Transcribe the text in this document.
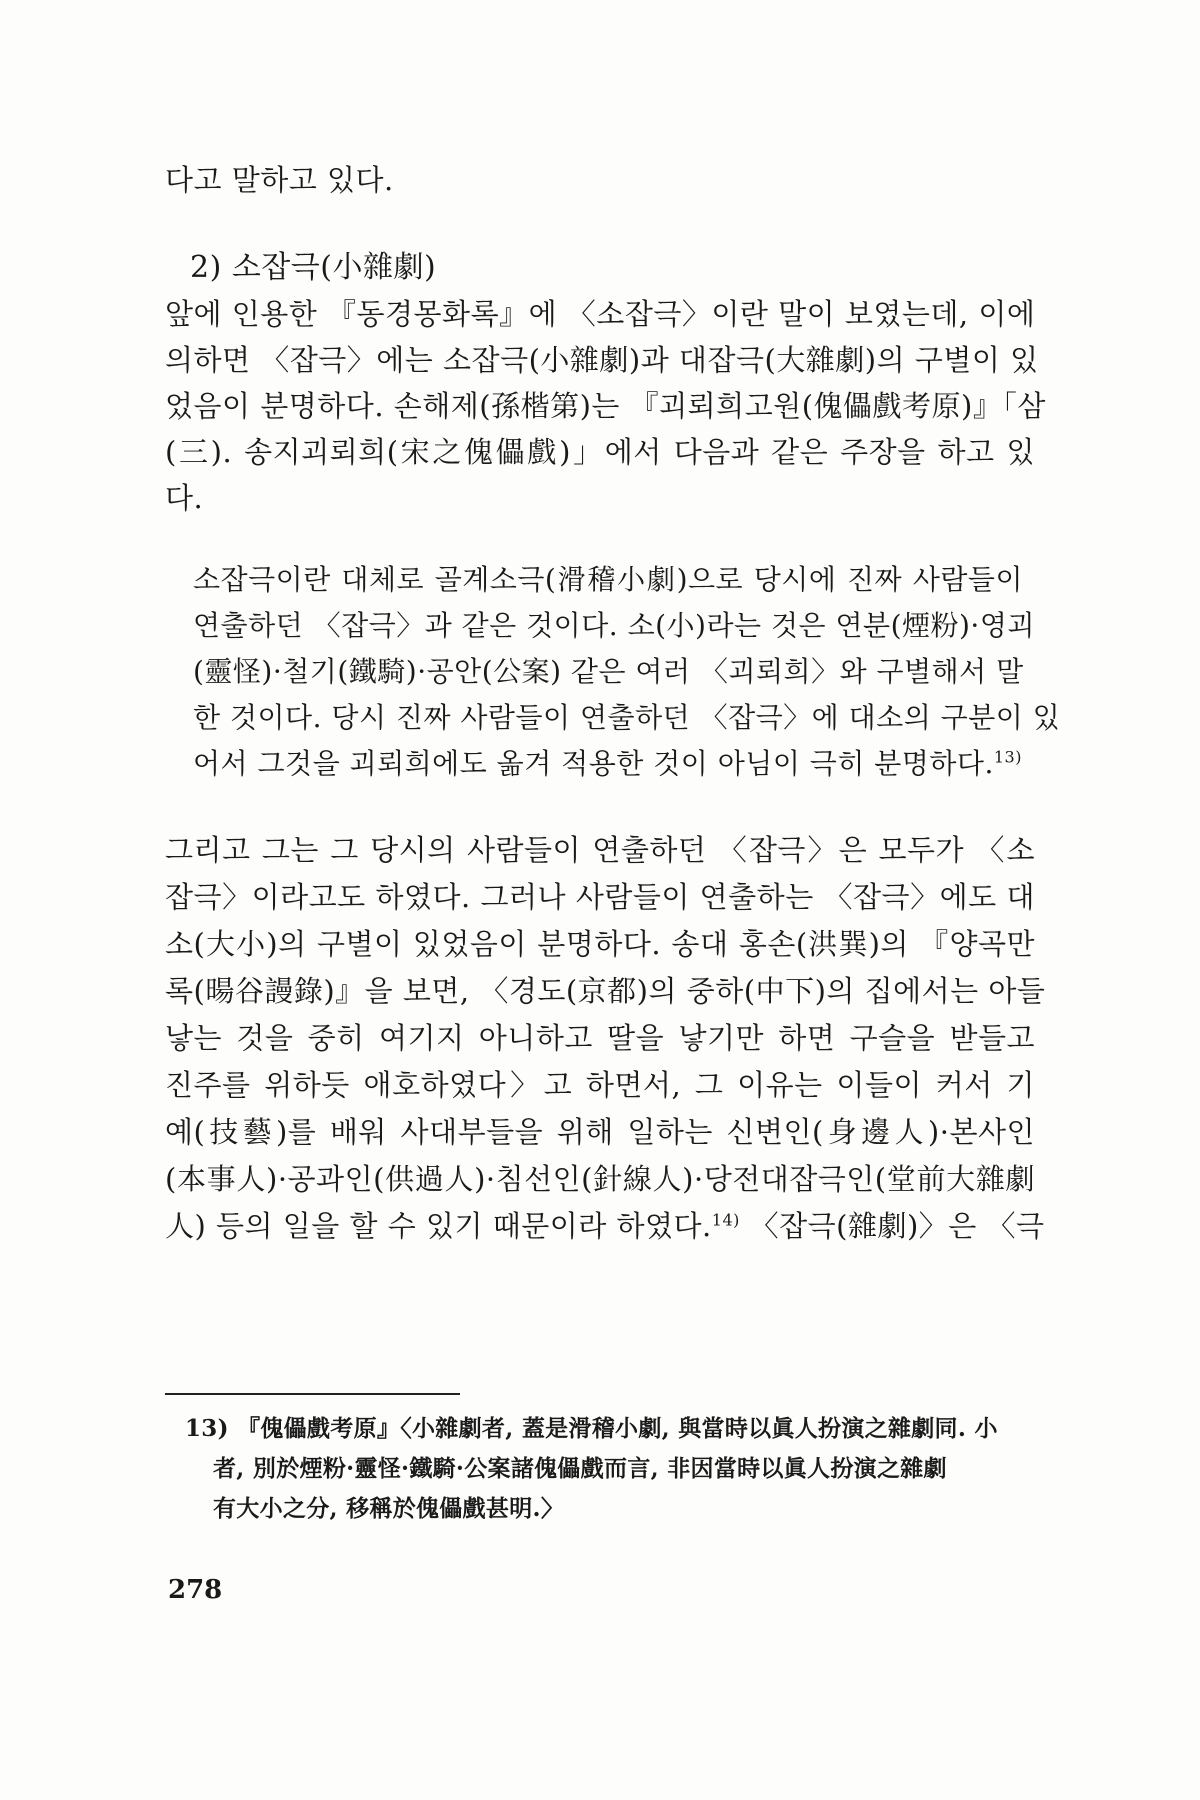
다고 말하고 있다.
2) 소잡극(小雜劇)
앞에 인용한 『동경몽화록』에 〈소잡극〉이란 말이 보였는데, 이에
의하면 〈잡극〉에는 소잡극(小雜劇)과 대잡극(大雜劇)의 구별이 있
었음이 분명하다. 손해제(孫楷第)는 『괴뢰희고원(傀儡戲考原)』「삼
(三). 송지괴뢰희(宋之傀儡戲)」에서 다음과 같은 주장을 하고 있
다.
소잡극이란 대체로 골계소극(滑稽小劇)으로 당시에 진짜 사람들이
연출하던 〈잡극〉과 같은 것이다. 소(小)라는 것은 연분(煙粉)·영괴
(靈怪)·철기(鐵騎)·공안(公案) 같은 여러 〈괴뢰희〉와 구별해서 말
한 것이다. 당시 진짜 사람들이 연출하던 〈잡극〉에 대소의 구분이 있
어서 그것을 괴뢰희에도 옮겨 적용한 것이 아님이 극히 분명하다.$^{13)}$
그리고 그는 그 당시의 사람들이 연출하던 〈잡극〉은 모두가 〈소
잡극〉이라고도 하였다. 그러나 사람들이 연출하는 〈잡극〉에도 대
소(大小)의 구별이 있었음이 분명하다. 송대 홍손(洪巽)의 『양곡만
록(暘谷謾錄)』을 보면, 〈경도(京都)의 중하(中下)의 집에서는 아들
낳는 것을 중히 여기지 아니하고 딸을 낳기만 하면 구슬을 받들고
진주를 위하듯 애호하였다〉고 하면서, 그 이유는 이들이 커서 기
예(技藝)를 배워 사대부들을 위해 일하는 신변인(身邊人)·본사인
(本事人)·공과인(供過人)·침선인(針線人)·당전대잡극인(堂前大雜劇
人) 등의 일을 할 수 있기 때문이라 하였다.$^{14)}$ 〈잡극(雜劇)〉은 〈극
13) 『傀儡戲考原』〈小雜劇者, 蓋是滑稽小劇, 與當時以眞人扮演之雜劇同. 小
者, 別於煙粉·靈怪·鐵騎·公案諸傀儡戲而言, 非因當時以眞人扮演之雜劇
有大小之分, 移稱於傀儡戲甚明.〉
278
